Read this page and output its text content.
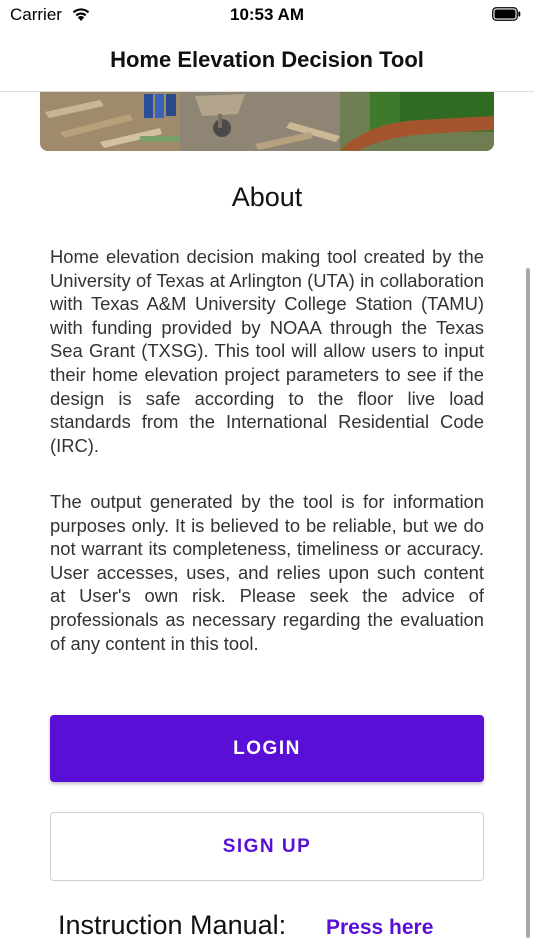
Carrier	10:53 AM
Home Elevation Decision Tool
About
Home elevation decision making tool created by the University of Texas at Arlington (UTA) in collaboration with Texas A&M University College Station (TAMU) with funding provided by NOAA through the Texas Sea Grant (TXSG). This tool will allow users to input their home elevation project parameters to see if the design is safe according to the floor live load standards from the International Residential Code (IRC).
The output generated by the tool is for information purposes only. It is believed to be reliable, but we do not warrant its completeness, timeliness or accuracy. User accesses, uses, and relies upon such content at User's own risk. Please seek the advice of professionals as necessary regarding the evaluation of any content in this tool.
LOGIN
SIGN UP
Instruction Manual: Press here
